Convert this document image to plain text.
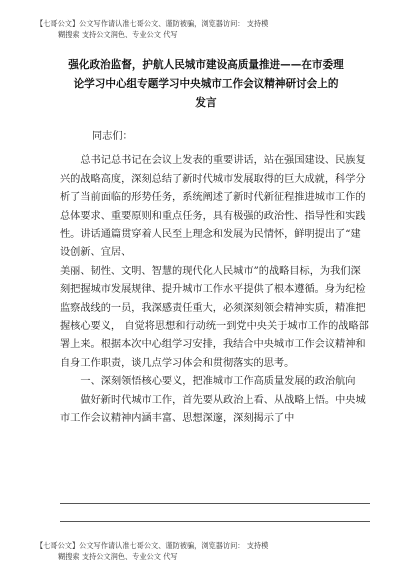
【七哥公文】公文写作请认准七哥公文、谨防被骗，浏览器访问： 支持模
糊搜索 支持公文润色、专业公文 代写
强化政治监督，护航人民城市建设高质量推进——在市委理
论学习中心组专题学习中央城市工作会议精神研讨会上的
发言

同志们：

总书记总书记在会议上发表的重要讲话，站在强国建设、民族复兴的战略高度，深刻总结了新时代城市发展取得的巨大成就，科学分析了当前面临的形势任务，系统阐述了新时代新征程推进城市工作的总体要求、重要原则和重点任务，具有极强的政治性、指导性和实践性。讲话通篇贯穿着人民至上理念和发展为民情怀，鲜明提出了“建设创新、宜居、

美丽、韧性、文明、智慧的现代化人民城市”的战略目标，为我们深刻把握城市发展规律、提升城市工作水平提供了根本遵循。身为纪检监察战线的一员，我深感责任重大，必须深刻领会精神实质，精准把握核心要义， 自觉将思想和行动统一到党中央关于城市工作的战略部署上来。根据本次中心组学习安排，我结合中央城市工作会议精神和自身工作职责，谈几点学习体会和贯彻落实的思考。

一、深刻领悟核心要义，把准城市工作高质量发展的政治航向

做好新时代城市工作，首先要从政治上看、从战略上悟。中央城市工作会议精神内涵丰富、思想深邃，深刻揭示了中

【七哥公文】公文写作请认准七哥公文、谨防被骗，浏览器访问： 支持模
糊搜索 支持公文润色、专业公文 代写
